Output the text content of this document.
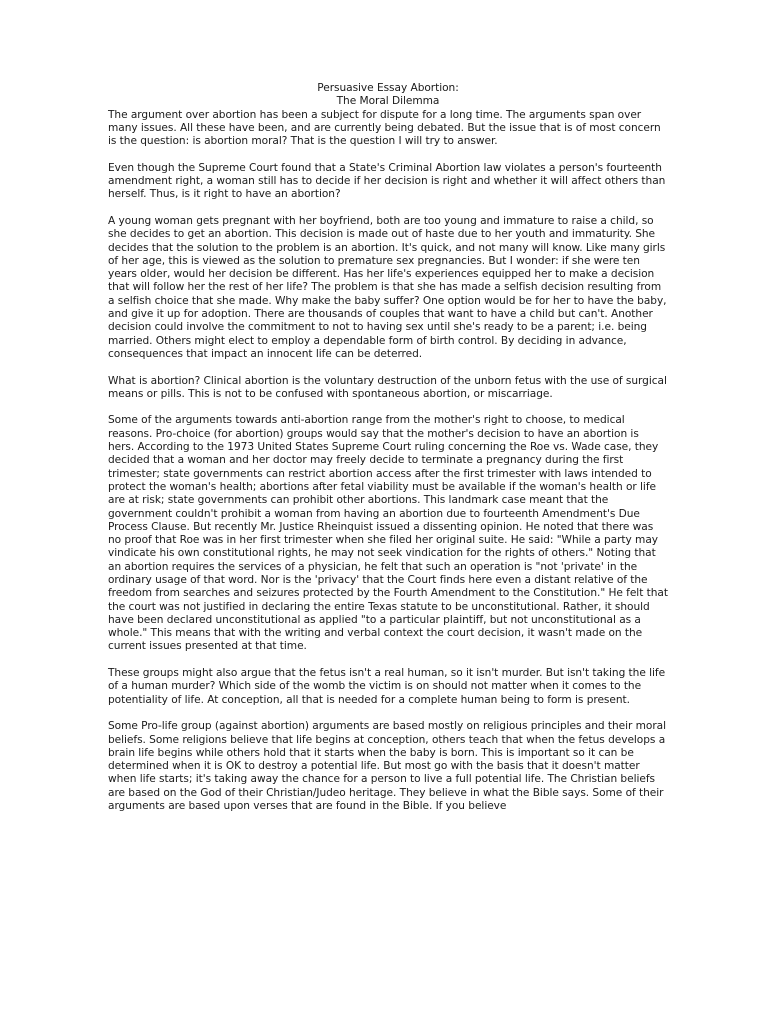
Persuasive Essay Abortion:
The Moral Dilemma

The argument over abortion has been a subject for dispute for a long time. The arguments span over many issues. All these have been, and are currently being debated. But the issue that is of most concern is the question: is abortion moral? That is the question I will try to answer.

Even though the Supreme Court found that a State's Criminal Abortion law violates a person's fourteenth amendment right, a woman still has to decide if her decision is right and whether it will affect others than herself. Thus, is it right to have an abortion?

A young woman gets pregnant with her boyfriend, both are too young and immature to raise a child, so she decides to get an abortion. This decision is made out of haste due to her youth and immaturity. She decides that the solution to the problem is an abortion. It's quick, and not many will know. Like many girls of her age, this is viewed as the solution to premature sex pregnancies. But I wonder: if she were ten years older, would her decision be different. Has her life's experiences equipped her to make a decision that will follow her the rest of her life? The problem is that she has made a selfish decision resulting from a selfish choice that she made. Why make the baby suffer? One option would be for her to have the baby, and give it up for adoption. There are thousands of couples that want to have a child but can't. Another decision could involve the commitment to not to having sex until she's ready to be a parent; i.e. being married. Others might elect to employ a dependable form of birth control. By deciding in advance, consequences that impact an innocent life can be deterred.

What is abortion? Clinical abortion is the voluntary destruction of the unborn fetus with the use of surgical means or pills. This is not to be confused with spontaneous abortion, or miscarriage.

Some of the arguments towards anti-abortion range from the mother's right to choose, to medical reasons. Pro-choice (for abortion) groups would say that the mother's decision to have an abortion is hers. According to the 1973 United States Supreme Court ruling concerning the Roe vs. Wade case, they decided that a woman and her doctor may freely decide to terminate a pregnancy during the first trimester; state governments can restrict abortion access after the first trimester with laws intended to protect the woman's health; abortions after fetal viability must be available if the woman's health or life are at risk; state governments can prohibit other abortions. This landmark case meant that the government couldn't prohibit a woman from having an abortion due to fourteenth Amendment's Due Process Clause. But recently Mr. Justice Rheinquist issued a dissenting opinion. He noted that there was no proof that Roe was in her first trimester when she filed her original suite. He said: "While a party may vindicate his own constitutional rights, he may not seek vindication for the rights of others." Noting that an abortion requires the services of a physician, he felt that such an operation is "not 'private' in the ordinary usage of that word. Nor is the 'privacy' that the Court finds here even a distant relative of the freedom from searches and seizures protected by the Fourth Amendment to the Constitution." He felt that the court was not justified in declaring the entire Texas statute to be unconstitutional. Rather, it should have been declared unconstitutional as applied "to a particular plaintiff, but not unconstitutional as a whole." This means that with the writing and verbal context the court decision, it wasn't made on the current issues presented at that time.

These groups might also argue that the fetus isn't a real human, so it isn't murder. But isn't taking the life of a human murder? Which side of the womb the victim is on should not matter when it comes to the potentiality of life. At conception, all that is needed for a complete human being to form is present.

Some Pro-life group (against abortion) arguments are based mostly on religious principles and their moral beliefs. Some religions believe that life begins at conception, others teach that when the fetus develops a brain life begins while others hold that it starts when the baby is born. This is important so it can be determined when it is OK to destroy a potential life. But most go with the basis that it doesn't matter when life starts; it's taking away the chance for a person to live a full potential life. The Christian beliefs are based on the God of their Christian/Judeo heritage. They believe in what the Bible says. Some of their arguments are based upon verses that are found in the Bible. If you believe
